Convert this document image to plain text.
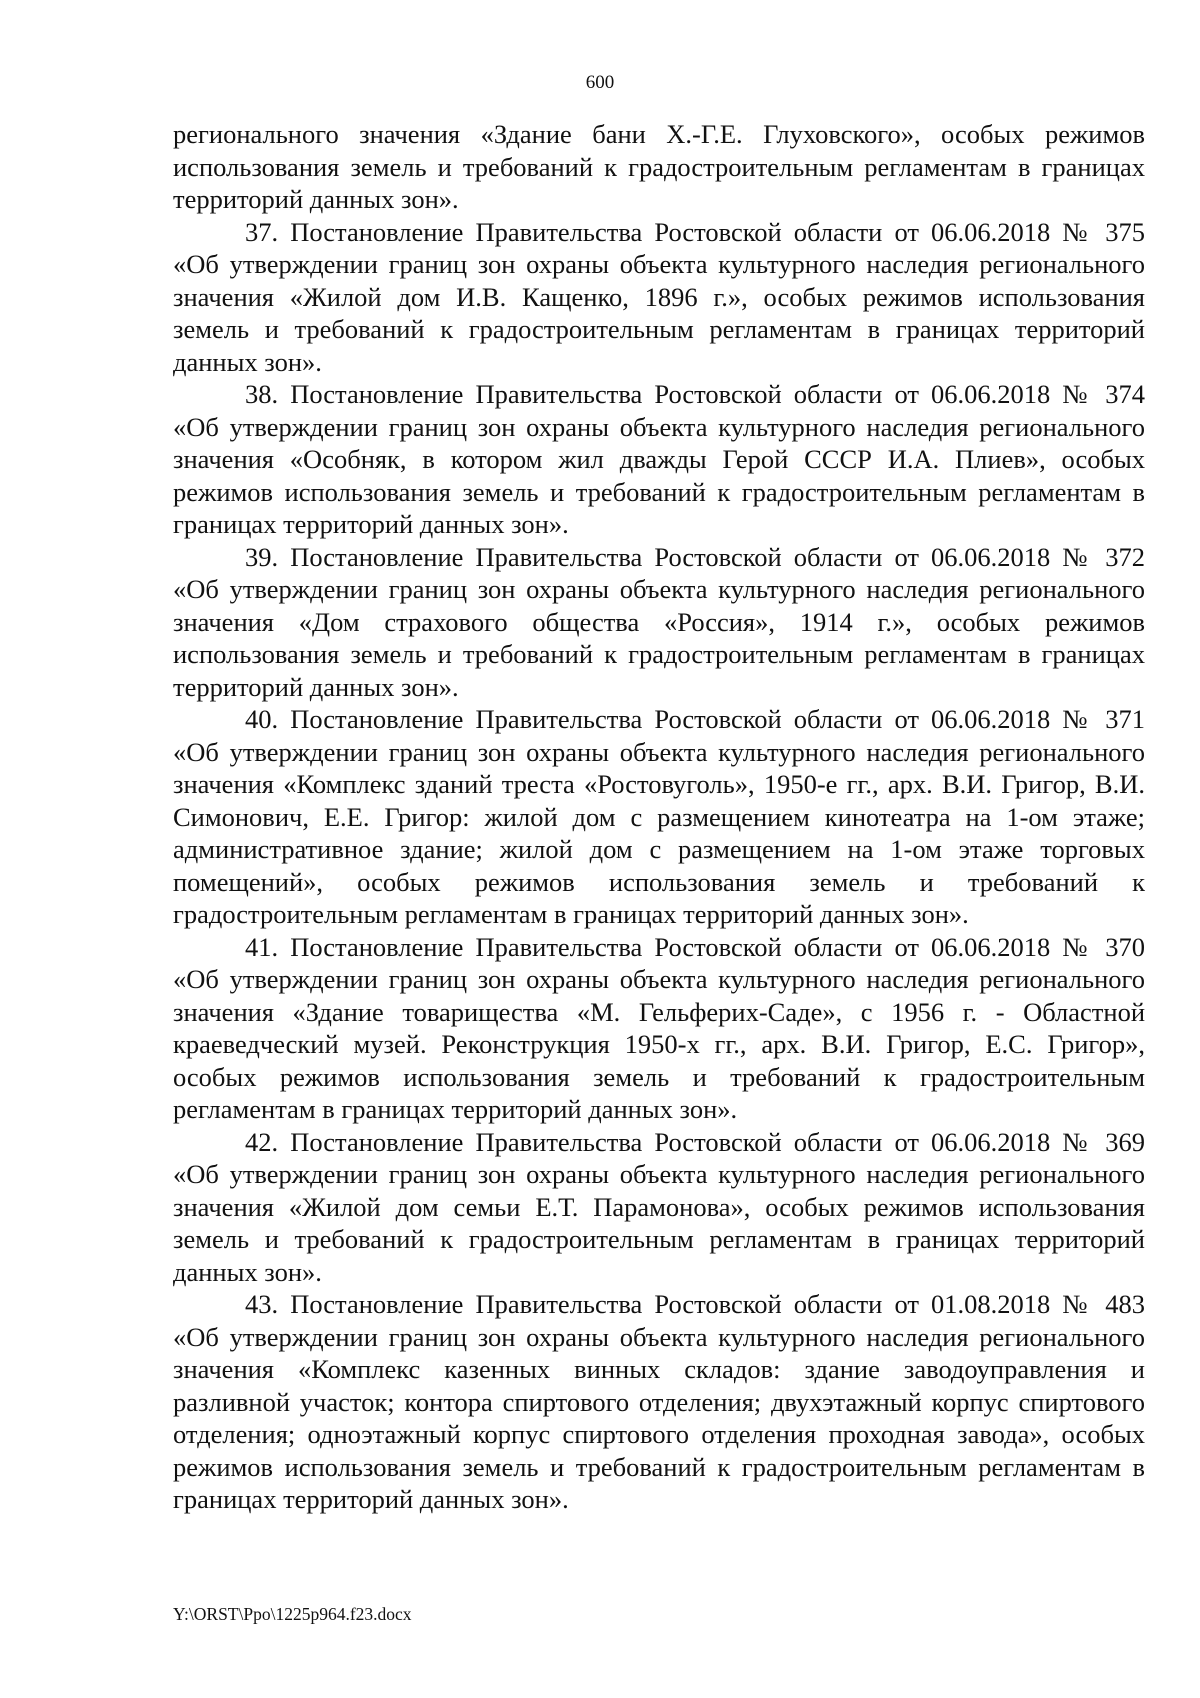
600

регионального значения «Здание бани Х.-Г.Е. Глуховского», особых режимов использования земель и требований к градостроительным регламентам в границах территорий данных зон».

37. Постановление Правительства Ростовской области от 06.06.2018 № 375 «Об утверждении границ зон охраны объекта культурного наследия регионального значения «Жилой дом И.В. Кащенко, 1896 г.», особых режимов использования земель и требований к градостроительным регламентам в границах территорий данных зон».

38. Постановление Правительства Ростовской области от 06.06.2018 № 374 «Об утверждении границ зон охраны объекта культурного наследия регионального значения «Особняк, в котором жил дважды Герой СССР И.А. Плиев», особых режимов использования земель и требований к градостроительным регламентам в границах территорий данных зон».

39. Постановление Правительства Ростовской области от 06.06.2018 № 372 «Об утверждении границ зон охраны объекта культурного наследия регионального значения «Дом страхового общества «Россия», 1914 г.», особых режимов использования земель и требований к градостроительным регламентам в границах территорий данных зон».

40. Постановление Правительства Ростовской области от 06.06.2018 № 371 «Об утверждении границ зон охраны объекта культурного наследия регионального значения «Комплекс зданий треста «Ростовуголь», 1950-е гг., арх. В.И. Григор, В.И. Симонович, Е.Е. Григор: жилой дом с размещением кинотеатра на 1-ом этаже; административное здание; жилой дом с размещением на 1-ом этаже торговых помещений», особых режимов использования земель и требований к градостроительным регламентам в границах территорий данных зон».

41. Постановление Правительства Ростовской области от 06.06.2018 № 370 «Об утверждении границ зон охраны объекта культурного наследия регионального значения «Здание товарищества «М. Гельферих-Саде», с 1956 г. - Областной краеведческий музей. Реконструкция 1950-х гг., арх. В.И. Григор, Е.С. Григор», особых режимов использования земель и требований к градостроительным регламентам в границах территорий данных зон».

42. Постановление Правительства Ростовской области от 06.06.2018 № 369 «Об утверждении границ зон охраны объекта культурного наследия регионального значения «Жилой дом семьи Е.Т. Парамонова», особых режимов использования земель и требований к градостроительным регламентам в границах территорий данных зон».

43. Постановление Правительства Ростовской области от 01.08.2018 № 483 «Об утверждении границ зон охраны объекта культурного наследия регионального значения «Комплекс казенных винных складов: здание заводоуправления и разливной участок; контора спиртового отделения; двухэтажный корпус спиртового отделения; одноэтажный корпус спиртового отделения проходная завода», особых режимов использования земель и требований к градостроительным регламентам в границах территорий данных зон».

Y:\ORST\Ppo\1225p964.f23.docx
